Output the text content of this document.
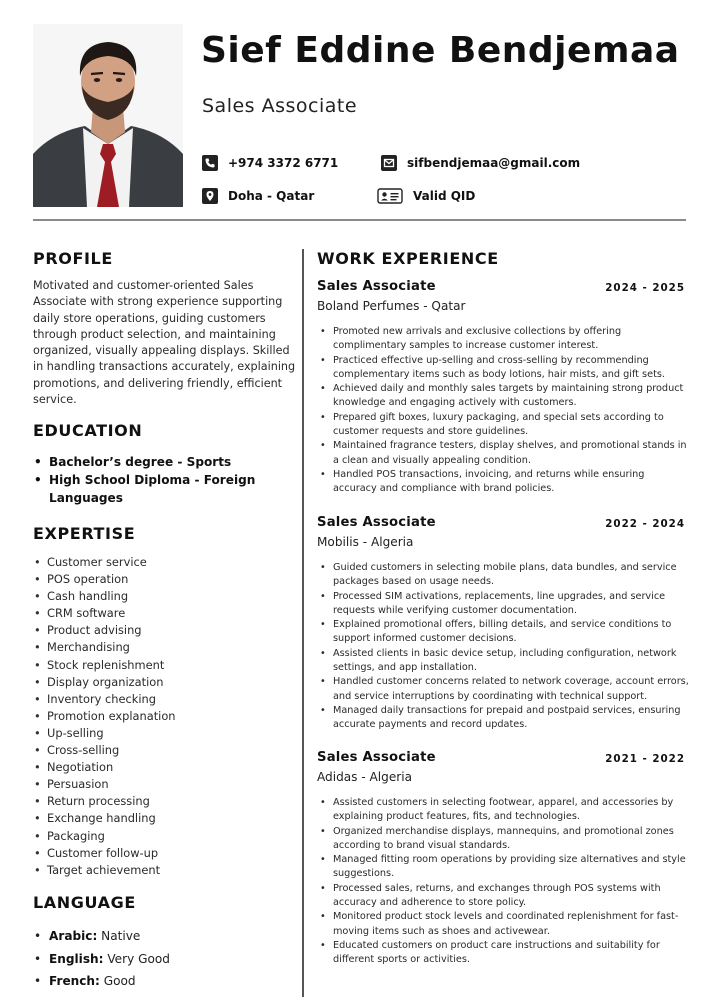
Sief Eddine Bendjemaa
Sales Associate
+974 3372 6771	sifbendjemaa@gmail.com
Doha - Qatar	Valid QID
PROFILE
Motivated and customer-oriented Sales Associate with strong experience supporting daily store operations, guiding customers through product selection, and maintaining organized, visually appealing displays. Skilled in handling transactions accurately, explaining promotions, and delivering friendly, efficient service.
EDUCATION
• Bachelor’s degree - Sports
• High School Diploma - Foreign Languages
EXPERTISE
• Customer service
• POS operation
• Cash handling
• CRM software
• Product advising
• Merchandising
• Stock replenishment
• Display organization
• Inventory checking
• Promotion explanation
• Up-selling
• Cross-selling
• Negotiation
• Persuasion
• Return processing
• Exchange handling
• Packaging
• Customer follow-up
• Target achievement
LANGUAGE
• Arabic: Native
• English: Very Good
• French: Good
WORK EXPERIENCE
Sales Associate	2024 - 2025
Boland Perfumes - Qatar
• Promoted new arrivals and exclusive collections by offering complimentary samples to increase customer interest.
• Practiced effective up-selling and cross-selling by recommending complementary items such as body lotions, hair mists, and gift sets.
• Achieved daily and monthly sales targets by maintaining strong product knowledge and engaging actively with customers.
• Prepared gift boxes, luxury packaging, and special sets according to customer requests and store guidelines.
• Maintained fragrance testers, display shelves, and promotional stands in a clean and visually appealing condition.
• Handled POS transactions, invoicing, and returns while ensuring accuracy and compliance with brand policies.
Sales Associate	2022 - 2024
Mobilis - Algeria
• Guided customers in selecting mobile plans, data bundles, and service packages based on usage needs.
• Processed SIM activations, replacements, line upgrades, and service requests while verifying customer documentation.
• Explained promotional offers, billing details, and service conditions to support informed customer decisions.
• Assisted clients in basic device setup, including configuration, network settings, and app installation.
• Handled customer concerns related to network coverage, account errors, and service interruptions by coordinating with technical support.
• Managed daily transactions for prepaid and postpaid services, ensuring accurate payments and record updates.
Sales Associate	2021 - 2022
Adidas - Algeria
• Assisted customers in selecting footwear, apparel, and accessories by explaining product features, fits, and technologies.
• Organized merchandise displays, mannequins, and promotional zones according to brand visual standards.
• Managed fitting room operations by providing size alternatives and style suggestions.
• Processed sales, returns, and exchanges through POS systems with accuracy and adherence to store policy.
• Monitored product stock levels and coordinated replenishment for fast-moving items such as shoes and activewear.
• Educated customers on product care instructions and suitability for different sports or activities.
